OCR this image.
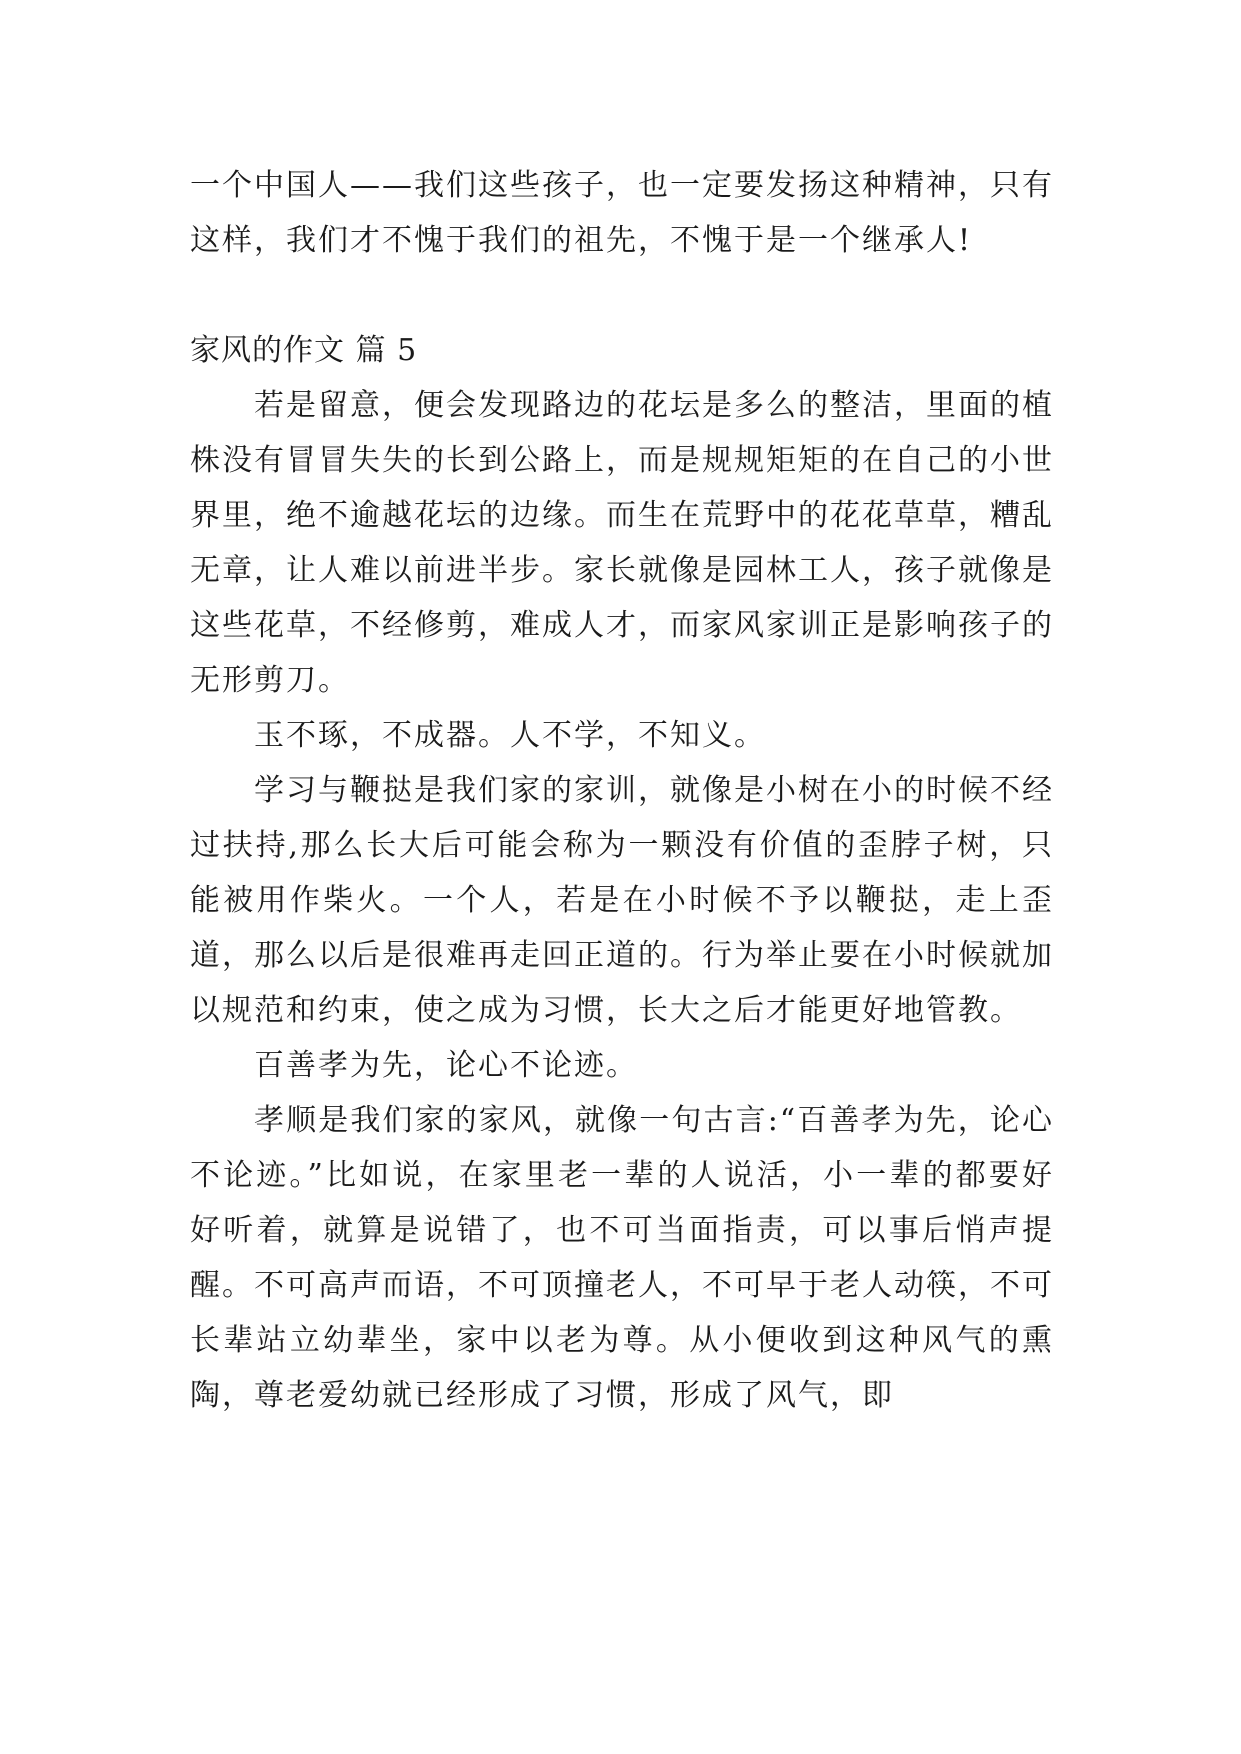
一个中国人——我们这些孩子，也一定要发扬这种精神，只有这样，我们才不愧于我们的祖先，不愧于是一个继承人!

家风的作文 篇 5

若是留意，便会发现路边的花坛是多么的整洁，里面的植株没有冒冒失失的长到公路上，而是规规矩矩的在自己的小世界里，绝不逾越花坛的边缘。而生在荒野中的花花草草，糟乱无章，让人难以前进半步。家长就像是园林工人，孩子就像是这些花草，不经修剪，难成人才，而家风家训正是影响孩子的无形剪刀。

玉不琢，不成器。人不学，不知义。

学习与鞭挞是我们家的家训，就像是小树在小的时候不经过扶持,那么长大后可能会称为一颗没有价值的歪脖子树，只能被用作柴火。一个人，若是在小时候不予以鞭挞，走上歪道，那么以后是很难再走回正道的。行为举止要在小时候就加以规范和约束，使之成为习惯，长大之后才能更好地管教。

百善孝为先，论心不论迹。

孝顺是我们家的家风，就像一句古言:“百善孝为先，论心不论迹。”比如说，在家里老一辈的人说活，小一辈的都要好好听着，就算是说错了，也不可当面指责，可以事后悄声提醒。不可高声而语，不可顶撞老人，不可早于老人动筷，不可长辈站立幼辈坐，家中以老为尊。从小便收到这种风气的熏陶，尊老爱幼就已经形成了习惯，形成了风气，即
